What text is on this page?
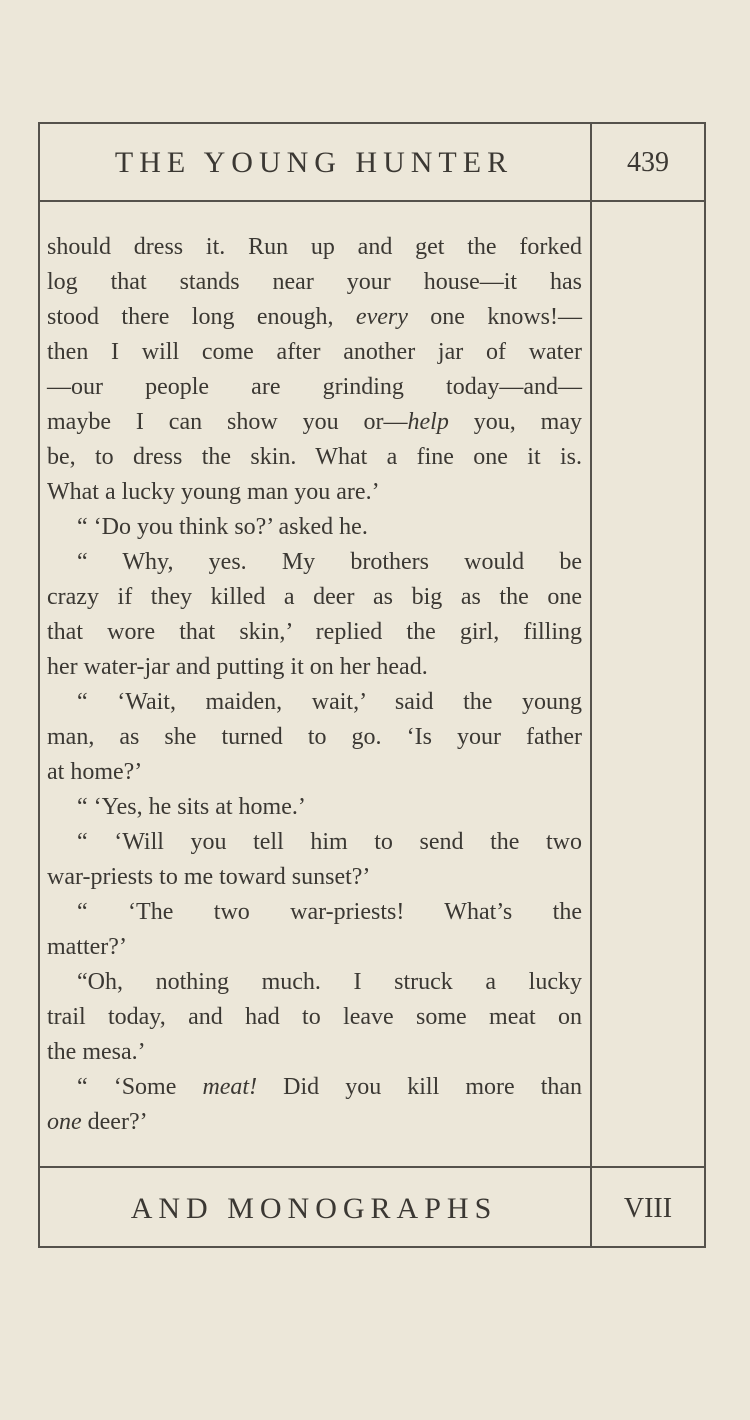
THE YOUNG HUNTER	439
should dress it. Run up and get the forked
log that stands near your house—it has
stood there long enough, every one knows!—
then I will come after another jar of water
—our people are grinding today—and—
maybe I can show you or—help you, may
be, to dress the skin. What a fine one it is.
What a lucky young man you are.’
“ ‘Do you think so?’ asked he.
“ Why, yes. My brothers would be
crazy if they killed a deer as big as the one
that wore that skin,’ replied the girl, filling
her water-jar and putting it on her head.
“ ‘Wait, maiden, wait,’ said the young
man, as she turned to go. ‘Is your father
at home?’
“ ‘Yes, he sits at home.’
“ ‘Will you tell him to send the two
war-priests to me toward sunset?’
“ ‘The two war-priests! What’s the
matter?’
“Oh, nothing much. I struck a lucky
trail today, and had to leave some meat on
the mesa.’
“ ‘Some meat! Did you kill more than
one deer?’
AND MONOGRAPHS	VIII
